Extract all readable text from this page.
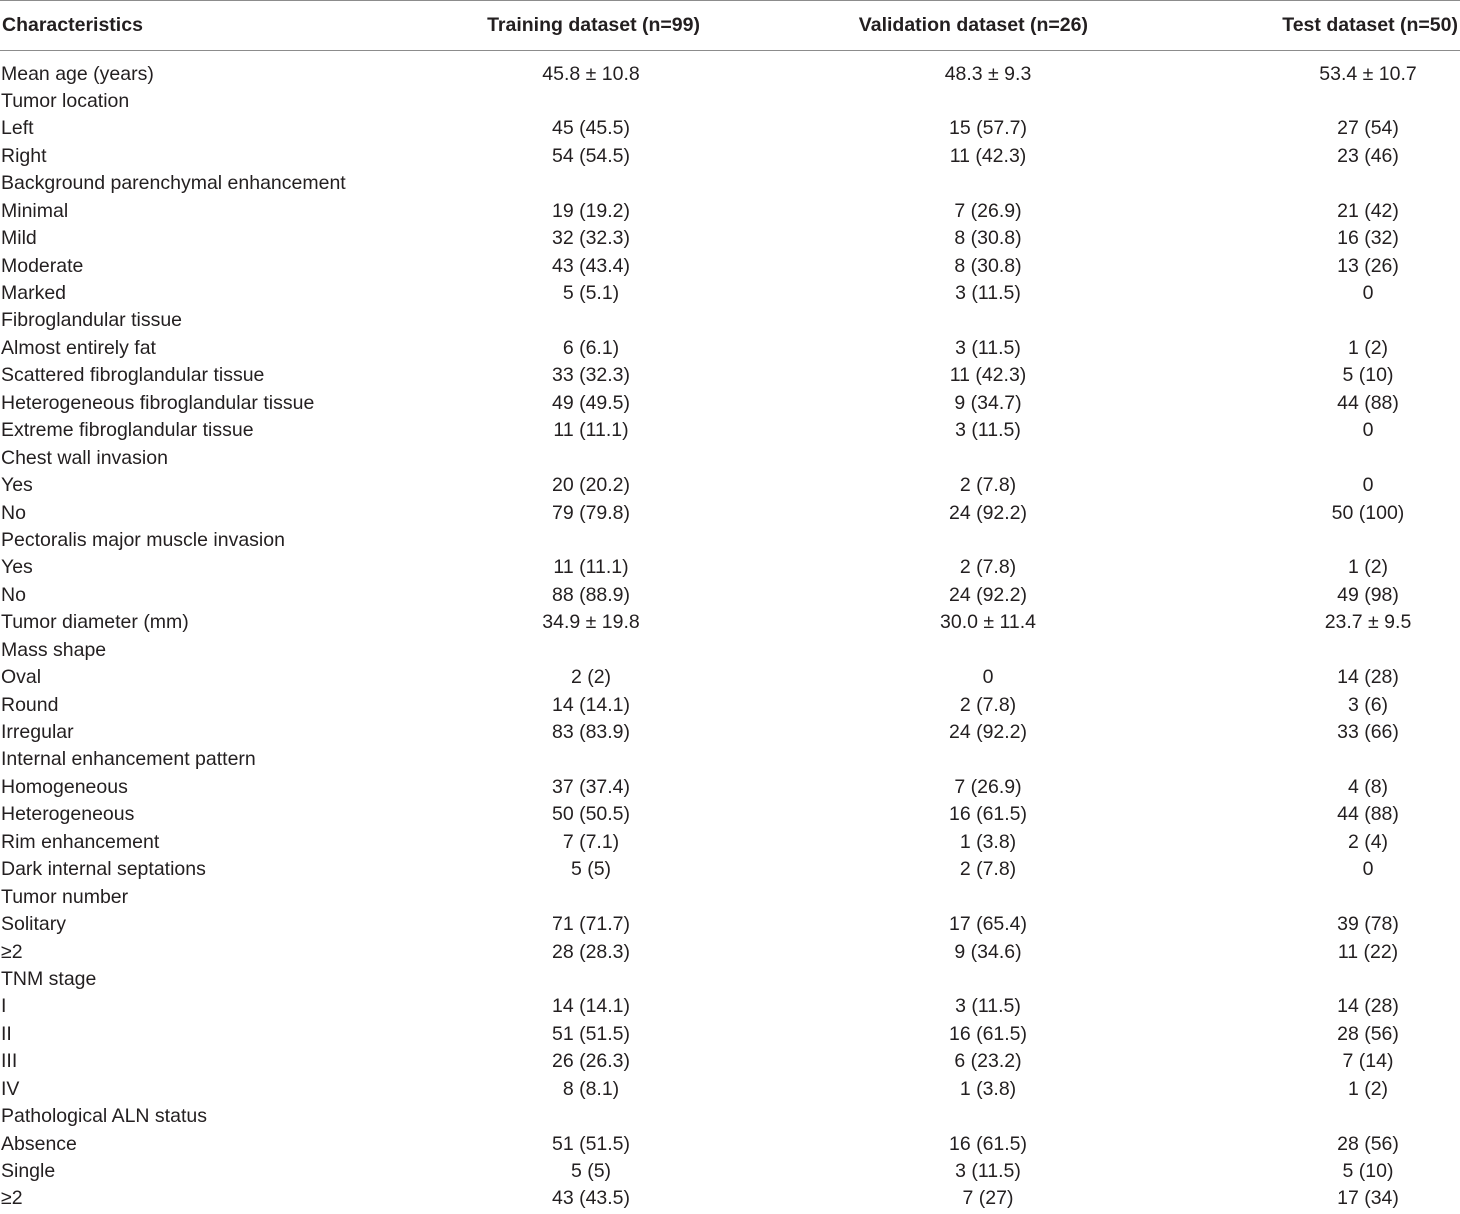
Characteristics	Training dataset (n=99)	Validation dataset (n=26)	Test dataset (n=50)
Mean age (years)	45.8 ± 10.8	48.3 ± 9.3	53.4 ± 10.7
Tumor location			
Left	45 (45.5)	15 (57.7)	27 (54)
Right	54 (54.5)	11 (42.3)	23 (46)
Background parenchymal enhancement			
Minimal	19 (19.2)	7 (26.9)	21 (42)
Mild	32 (32.3)	8 (30.8)	16 (32)
Moderate	43 (43.4)	8 (30.8)	13 (26)
Marked	5 (5.1)	3 (11.5)	0
Fibroglandular tissue			
Almost entirely fat	6 (6.1)	3 (11.5)	1 (2)
Scattered fibroglandular tissue	33 (32.3)	11 (42.3)	5 (10)
Heterogeneous fibroglandular tissue	49 (49.5)	9 (34.7)	44 (88)
Extreme fibroglandular tissue	11 (11.1)	3 (11.5)	0
Chest wall invasion			
Yes	20 (20.2)	2 (7.8)	0
No	79 (79.8)	24 (92.2)	50 (100)
Pectoralis major muscle invasion			
Yes	11 (11.1)	2 (7.8)	1 (2)
No	88 (88.9)	24 (92.2)	49 (98)
Tumor diameter (mm)	34.9 ± 19.8	30.0 ± 11.4	23.7 ± 9.5
Mass shape			
Oval	2 (2)	0	14 (28)
Round	14 (14.1)	2 (7.8)	3 (6)
Irregular	83 (83.9)	24 (92.2)	33 (66)
Internal enhancement pattern			
Homogeneous	37 (37.4)	7 (26.9)	4 (8)
Heterogeneous	50 (50.5)	16 (61.5)	44 (88)
Rim enhancement	7 (7.1)	1 (3.8)	2 (4)
Dark internal septations	5 (5)	2 (7.8)	0
Tumor number			
Solitary	71 (71.7)	17 (65.4)	39 (78)
≥2	28 (28.3)	9 (34.6)	11 (22)
TNM stage			
I	14 (14.1)	3 (11.5)	14 (28)
II	51 (51.5)	16 (61.5)	28 (56)
III	26 (26.3)	6 (23.2)	7 (14)
IV	8 (8.1)	1 (3.8)	1 (2)
Pathological ALN status			
Absence	51 (51.5)	16 (61.5)	28 (56)
Single	5 (5)	3 (11.5)	5 (10)
≥2	43 (43.5)	7 (27)	17 (34)
